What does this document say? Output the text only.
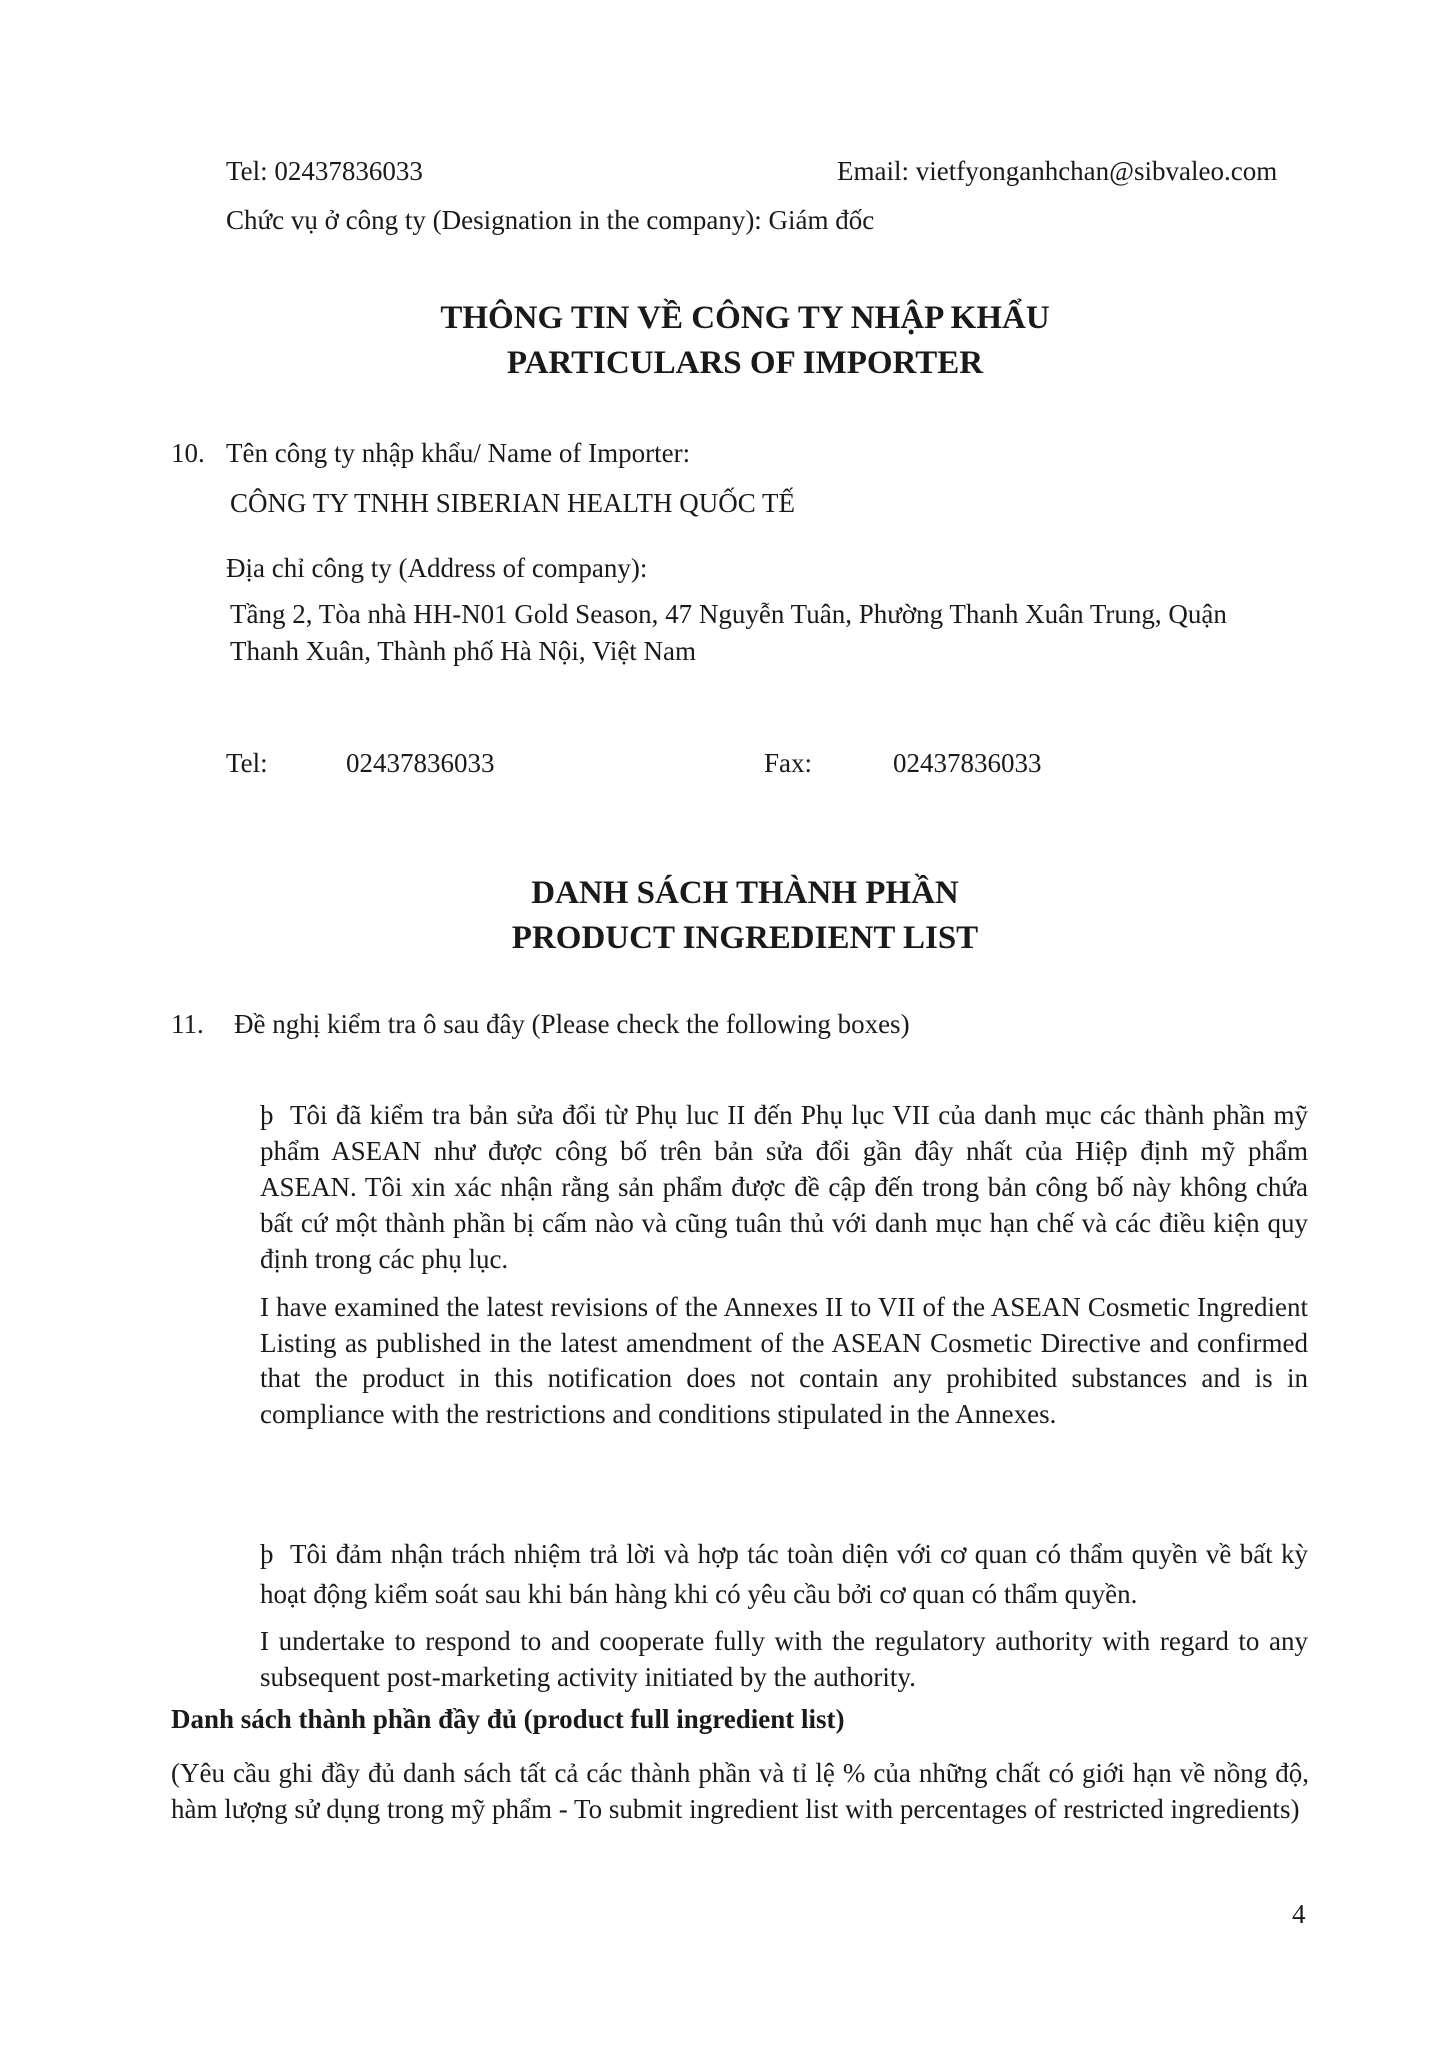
Tel: 02437836033	Email: vietfyonganhchan@sibvaleo.com
Chức vụ ở công ty (Designation in the company): Giám đốc
THÔNG TIN VỀ CÔNG TY NHẬP KHẨU
PARTICULARS OF IMPORTER
10. Tên công ty nhập khẩu/ Name of Importer:
CÔNG TY TNHH SIBERIAN HEALTH QUỐC TẾ
Địa chỉ công ty (Address of company):
Tầng 2, Tòa nhà HH-N01 Gold Season, 47 Nguyễn Tuân, Phường Thanh Xuân Trung, Quận
Thanh Xuân, Thành phố Hà Nội, Việt Nam
Tel:	02437836033	Fax:	02437836033
DANH SÁCH THÀNH PHẦN
PRODUCT INGREDIENT LIST
11. Đề nghị kiểm tra ô sau đây (Please check the following boxes)
þ Tôi đã kiểm tra bản sửa đổi từ Phụ luc II đến Phụ lục VII của danh mục các thành phần mỹ phẩm ASEAN như được công bố trên bản sửa đổi gần đây nhất của Hiệp định mỹ phẩm ASEAN. Tôi xin xác nhận rằng sản phẩm được đề cập đến trong bản công bố này không chứa bất cứ một thành phần bị cấm nào và cũng tuân thủ với danh mục hạn chế và các điều kiện quy định trong các phụ lục.
I have examined the latest revisions of the Annexes II to VII of the ASEAN Cosmetic Ingredient Listing as published in the latest amendment of the ASEAN Cosmetic Directive and confirmed that the product in this notification does not contain any prohibited substances and is in compliance with the restrictions and conditions stipulated in the Annexes.
þ Tôi đảm nhận trách nhiệm trả lời và hợp tác toàn diện với cơ quan có thẩm quyền về bất kỳ hoạt động kiểm soát sau khi bán hàng khi có yêu cầu bởi cơ quan có thẩm quyền.
I undertake to respond to and cooperate fully with the regulatory authority with regard to any subsequent post-marketing activity initiated by the authority.
Danh sách thành phần đầy đủ (product full ingredient list)
(Yêu cầu ghi đầy đủ danh sách tất cả các thành phần và tỉ lệ % của những chất có giới hạn về nồng độ, hàm lượng sử dụng trong mỹ phẩm - To submit ingredient list with percentages of restricted ingredients)
4
